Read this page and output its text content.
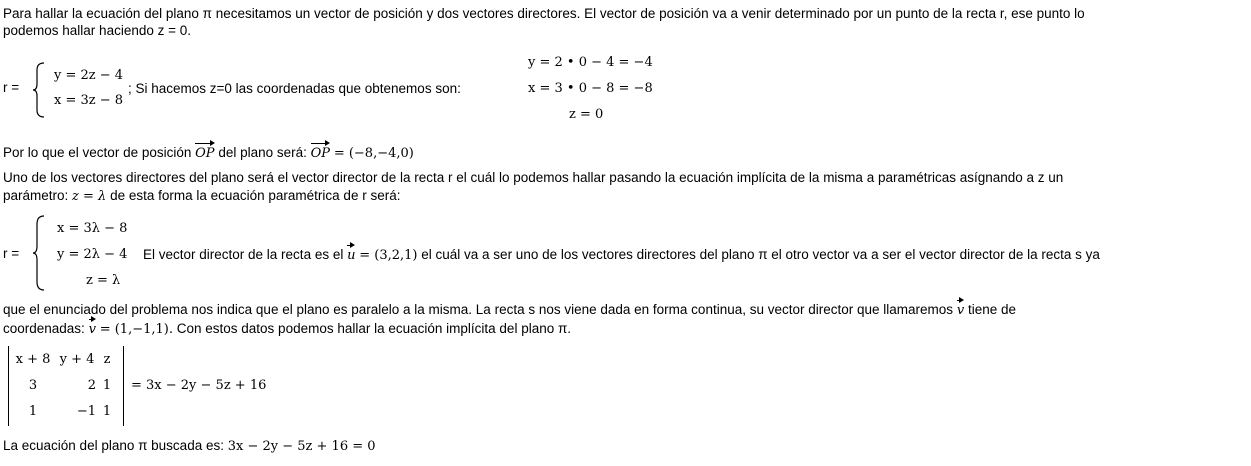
Para hallar la ecuación del plano π necesitamos un vector de posición y dos vectores directores. El vector de posición va a venir determinado por un punto de la recta r, ese punto lo
podemos hallar haciendo z = 0.
r =
y = 2z − 4
x = 3z − 8
; Si hacemos z=0 las coordenadas que obtenemos son:
y = 2 • 0 − 4 = −4
x = 3 • 0 − 8 = −8
z = 0
Por lo que el vector de posición OP del plano será: OP = (−8,−4,0)
Uno de los vectores directores del plano será el vector director de la recta r el cuál lo podemos hallar pasando la ecuación implícita de la misma a paramétricas asígnando a z un
parámetro: z = λ de esta forma la ecuación paramétrica de r será:
r =
x = 3λ − 8
y = 2λ − 4
z = λ
El vector director de la recta es el u = (3,2,1) el cuál va a ser uno de los vectores directores del plano π el otro vector va a ser el vector director de la recta s ya
que el enunciado del problema nos indica que el plano es paralelo a la misma. La recta s nos viene dada en forma continua, su vector director que llamaremos v tiene de
coordenadas: v = (1,−1,1). Con estos datos podemos hallar la ecuación implícita del plano π.
x + 8 y + 4 z
3	2 1
1	−1 1
= 3x − 2y − 5z + 16
La ecuación del plano π buscada es: 3x − 2y − 5z + 16 = 0
